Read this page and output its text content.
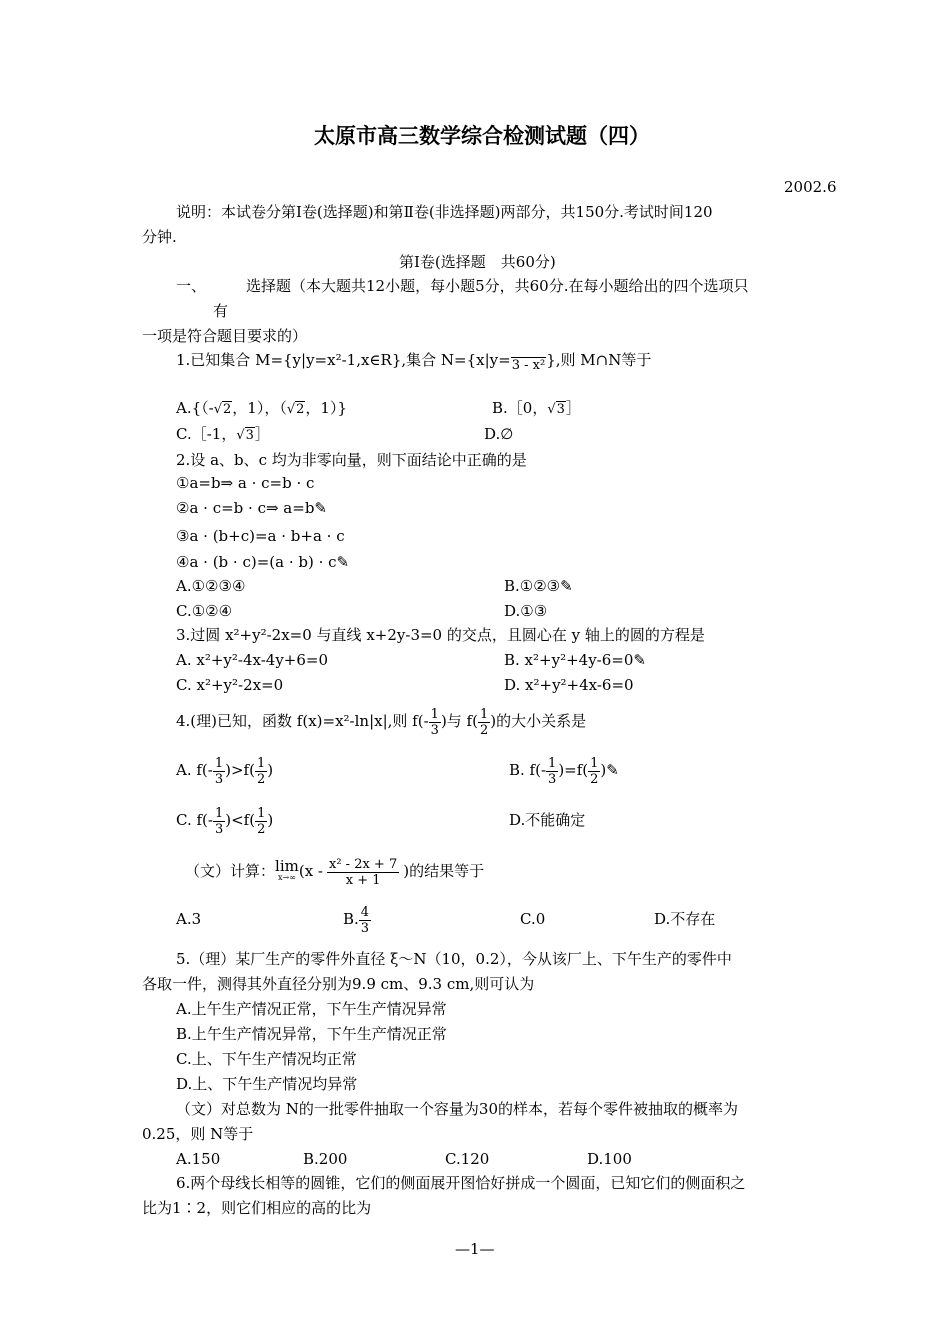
太原市高三数学综合检测试题（四）
2002.6
说明：本试卷分第Ⅰ卷(选择题)和第Ⅱ卷(非选择题)两部分，共150分.考试时间120
分钟.
第Ⅰ卷(选择题　共60分)
一、	选择题（本大题共12小题，每小题5分，共60分.在每小题给出的四个选项只
有
一项是符合题目要求的）
1.已知集合 M={y|y=x²-1,x∈R},集合 $N=\{x|y=_{3 - x^2}\}$,则 M∩N等于
A.{（-√2，1），（√2，1）}	B.［0，√3］
C.［-1，√3］	D.∅
2.设 a、b、c 均为非零向量，则下面结论中正确的是
①a=b⇒ a · c=b · c
②a · c=b · c⇒ a=b✎
③a · (b+c)=a · b+a · c
④a · (b · c)=(a · b) · c✎
A.①②③④	B.①②③✎
C.①②④	D.①③
3.过圆 x²+y²-2x=0 与直线 x+2y-3=0 的交点，且圆心在 y 轴上的圆的方程是
A. x²+y²-4x-4y+6=0	B. x²+y²+4y-6=0✎
C. x²+y²-2x=0	D. x²+y²+4x-6=0
4.(理)已知，函数 f(x)=x²-ln|x|,则 $f(- \frac{1}{3}$ )与 $f( \frac{1}{2}$ )的大小关系是
A. $f(- \frac{1}{3} )>f( \frac{1}{2}$ )	B. $f(- \frac{1}{3} )=f( \frac{1}{2}$ )✎
C. $f(- \frac{1}{3} )<f( \frac{1}{2}$ )	D.不能确定
（文）计算：lim
x→∞ ($x - \frac{\text{x² - 2x + 7}}{x + 1}$ )的结果等于
A.3	B. $\frac{4}{3}$	C.0	D.不存在
5.（理）某厂生产的零件外直径 ξ～N（10，0.2），今从该厂上、下午生产的零件中
各取一件，测得其外直径分别为9.9 cm、9.3 cm,则可认为
A.上午生产情况正常，下午生产情况异常
B.上午生产情况异常，下午生产情况正常
C.上、下午生产情况均正常
D.上、下午生产情况均异常
（文）对总数为 N的一批零件抽取一个容量为30的样本，若每个零件被抽取的概率为
0.25，则 N等于
A.150	B.200	C.120	D.100
6.两个母线长相等的圆锥，它们的侧面展开图恰好拼成一个圆面，已知它们的侧面积之
比为1∶2，则它们相应的高的比为
—1—
